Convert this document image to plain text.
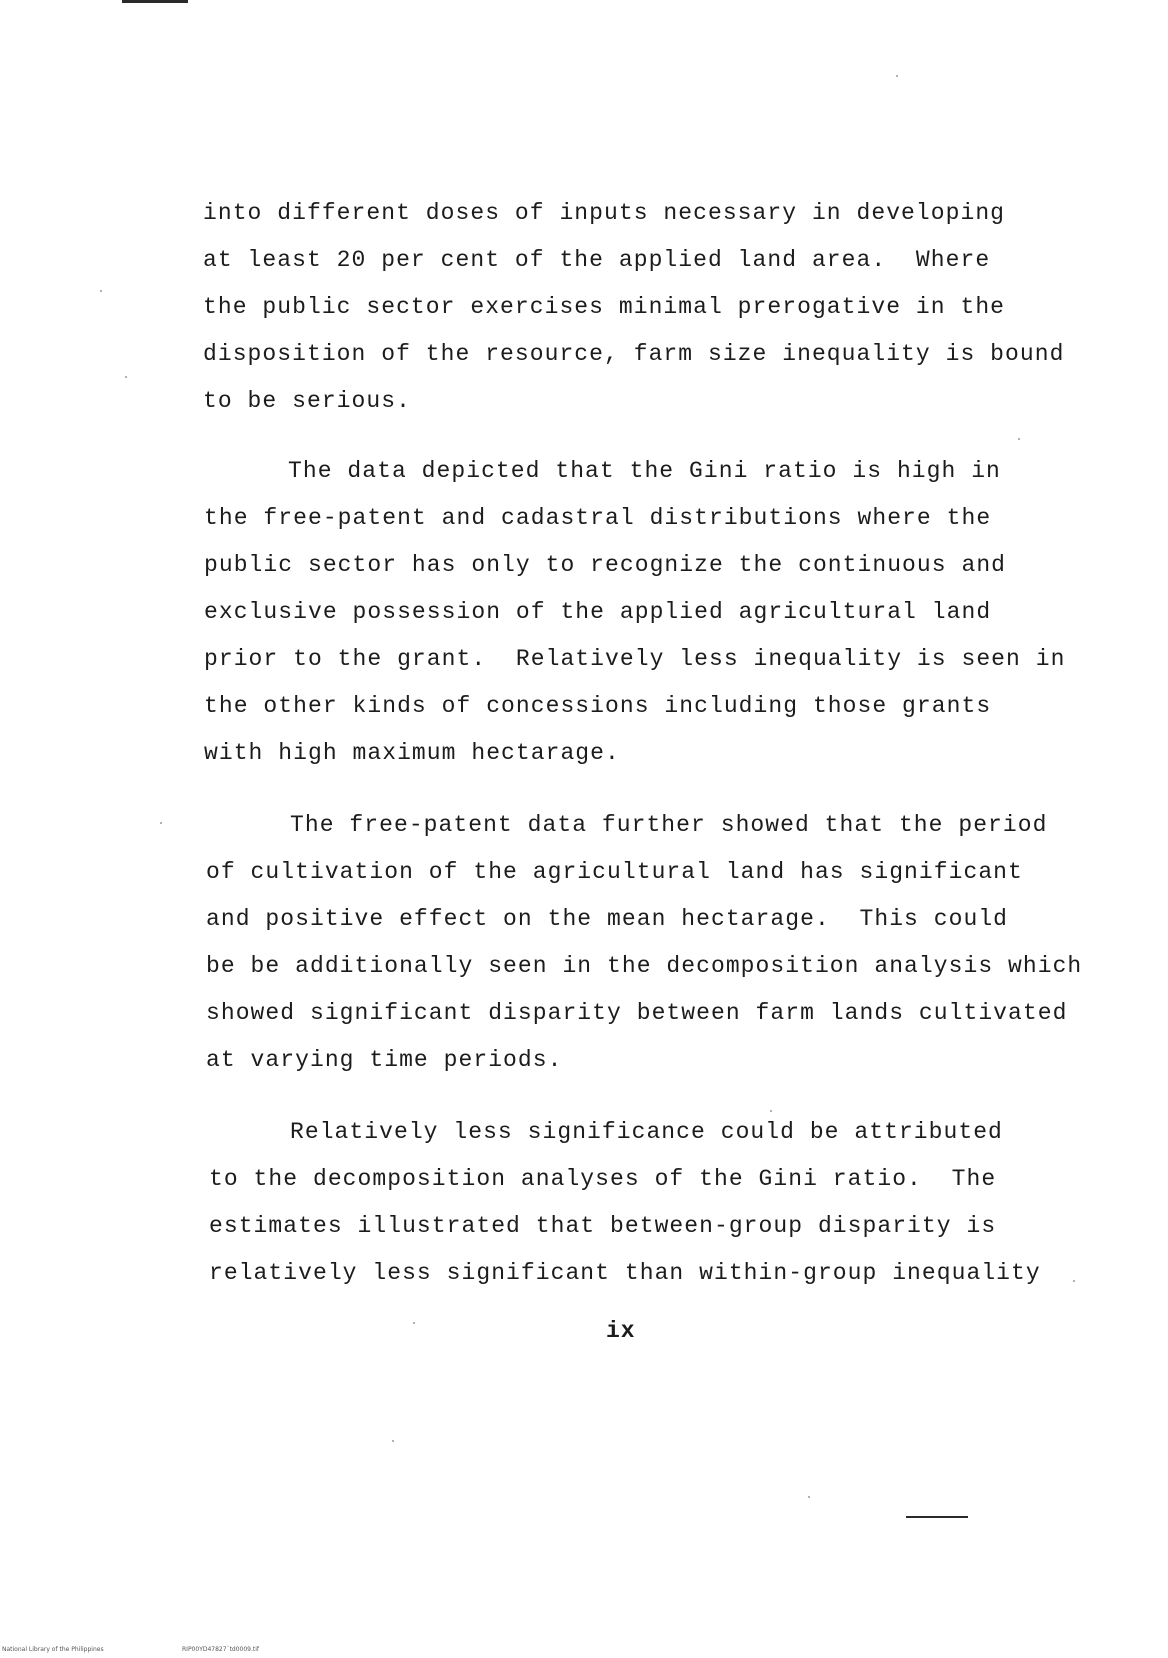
into different doses of inputs necessary in developing
at least 20 per cent of the applied land area.  Where
the public sector exercises minimal prerogative in the
disposition of the resource, farm size inequality is bound
to be serious.
The data depicted that the Gini ratio is high in
the free-patent and cadastral distributions where the
public sector has only to recognize the continuous and
exclusive possession of the applied agricultural land
prior to the grant.  Relatively less inequality is seen in
the other kinds of concessions including those grants
with high maximum hectarage.
The free-patent data further showed that the period
of cultivation of the agricultural land has significant
and positive effect on the mean hectarage.  This could
be be additionally seen in the decomposition analysis which
showed significant disparity between farm lands cultivated
at varying time periods.
Relatively less significance could be attributed
to the decomposition analyses of the Gini ratio.  The
estimates illustrated that between-group disparity is
relatively less significant than within-group inequality
ix
National Library of the Philippines	RIP00YD47827`td0009.tif
